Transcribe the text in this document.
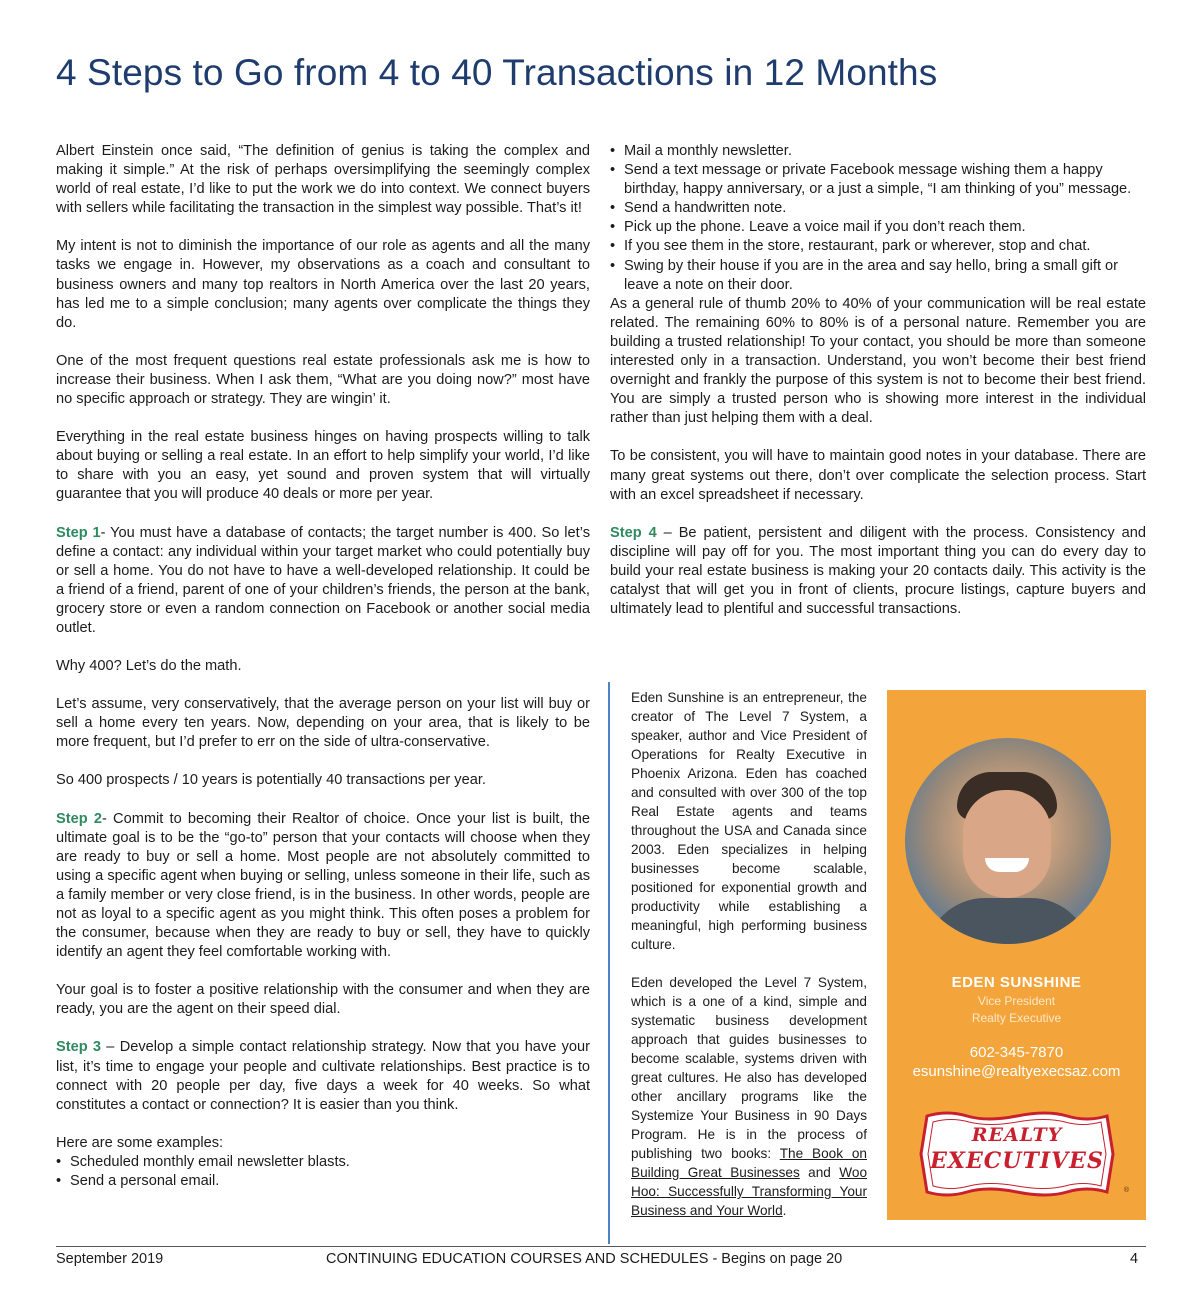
4 Steps to Go from 4 to 40 Transactions in 12 Months

Albert Einstein once said, “The definition of genius is taking the complex and making it simple.” At the risk of perhaps oversimplifying the seemingly complex world of real estate, I’d like to put the work we do into context. We connect buyers with sellers while facilitating the transaction in the simplest way possible. That’s it!

My intent is not to diminish the importance of our role as agents and all the many tasks we engage in. However, my observations as a coach and consultant to business owners and many top realtors in North America over the last 20 years, has led me to a simple conclusion; many agents over complicate the things they do.

One of the most frequent questions real estate professionals ask me is how to increase their business. When I ask them, “What are you doing now?” most have no specific approach or strategy. They are wingin’ it.

Everything in the real estate business hinges on having prospects willing to talk about buying or selling a real estate. In an effort to help simplify your world, I’d like to share with you an easy, yet sound and proven system that will virtually guarantee that you will produce 40 deals or more per year.

Step 1- You must have a database of contacts; the target number is 400. So let’s define a contact: any individual within your target market who could potentially buy or sell a home. You do not have to have a well-developed relationship. It could be a friend of a friend, parent of one of your children’s friends, the person at the bank, grocery store or even a random connection on Facebook or another social media outlet.

Why 400? Let’s do the math.

Let’s assume, very conservatively, that the average person on your list will buy or sell a home every ten years. Now, depending on your area, that is likely to be more frequent, but I’d prefer to err on the side of ultra-conservative.

So 400 prospects / 10 years is potentially 40 transactions per year.

Step 2- Commit to becoming their Realtor of choice. Once your list is built, the ultimate goal is to be the “go-to” person that your contacts will choose when they are ready to buy or sell a home. Most people are not absolutely committed to using a specific agent when buying or selling, unless someone in their life, such as a family member or very close friend, is in the business. In other words, people are not as loyal to a specific agent as you might think. This often poses a problem for the consumer, because when they are ready to buy or sell, they have to quickly identify an agent they feel comfortable working with.

Your goal is to foster a positive relationship with the consumer and when they are ready, you are the agent on their speed dial.

Step 3 – Develop a simple contact relationship strategy. Now that you have your list, it’s time to engage your people and cultivate relationships. Best practice is to connect with 20 people per day, five days a week for 40 weeks. So what constitutes a contact or connection? It is easier than you think.

Here are some examples:
• Scheduled monthly email newsletter blasts.
• Send a personal email.
• Mail a monthly newsletter.
• Send a text message or private Facebook message wishing them a happy birthday, happy anniversary, or a just a simple, “I am thinking of you” message.
• Send a handwritten note.
• Pick up the phone. Leave a voice mail if you don’t reach them.
• If you see them in the store, restaurant, park or wherever, stop and chat.
• Swing by their house if you are in the area and say hello, bring a small gift or leave a note on their door.

As a general rule of thumb 20% to 40% of your communication will be real estate related. The remaining 60% to 80% is of a personal nature. Remember you are building a trusted relationship! To your contact, you should be more than someone interested only in a transaction. Understand, you won’t become their best friend overnight and frankly the purpose of this system is not to become their best friend. You are simply a trusted person who is showing more interest in the individual rather than just helping them with a deal.

To be consistent, you will have to maintain good notes in your database. There are many great systems out there, don’t over complicate the selection process. Start with an excel spreadsheet if necessary.

Step 4 – Be patient, persistent and diligent with the process. Consistency and discipline will pay off for you. The most important thing you can do every day to build your real estate business is making your 20 contacts daily. This activity is the catalyst that will get you in front of clients, procure listings, capture buyers and ultimately lead to plentiful and successful transactions.

Eden Sunshine is an entrepreneur, the creator of The Level 7 System, a speaker, author and Vice President of Operations for Realty Executive in Phoenix Arizona. Eden has coached and consulted with over 300 of the top Real Estate agents and teams throughout the USA and Canada since 2003. Eden specializes in helping businesses become scalable, positioned for exponential growth and productivity while establishing a meaningful, high performing business culture.

Eden developed the Level 7 System, which is a one of a kind, simple and systematic business development approach that guides businesses to become scalable, systems driven with great cultures. He also has developed other ancillary programs like the Systemize Your Business in 90 Days Program. He is in the process of publishing two books: The Book on Building Great Businesses and Woo Hoo: Successfully Transforming Your Business and Your World.

EDEN SUNSHINE
Vice President
Realty Executive
602-345-7870
esunshine@realtyexecsaz.com
REALTY
EXECUTIVES
®
September 2019	CONTINUING EDUCATION COURSES AND SCHEDULES - Begins on page 20	4
